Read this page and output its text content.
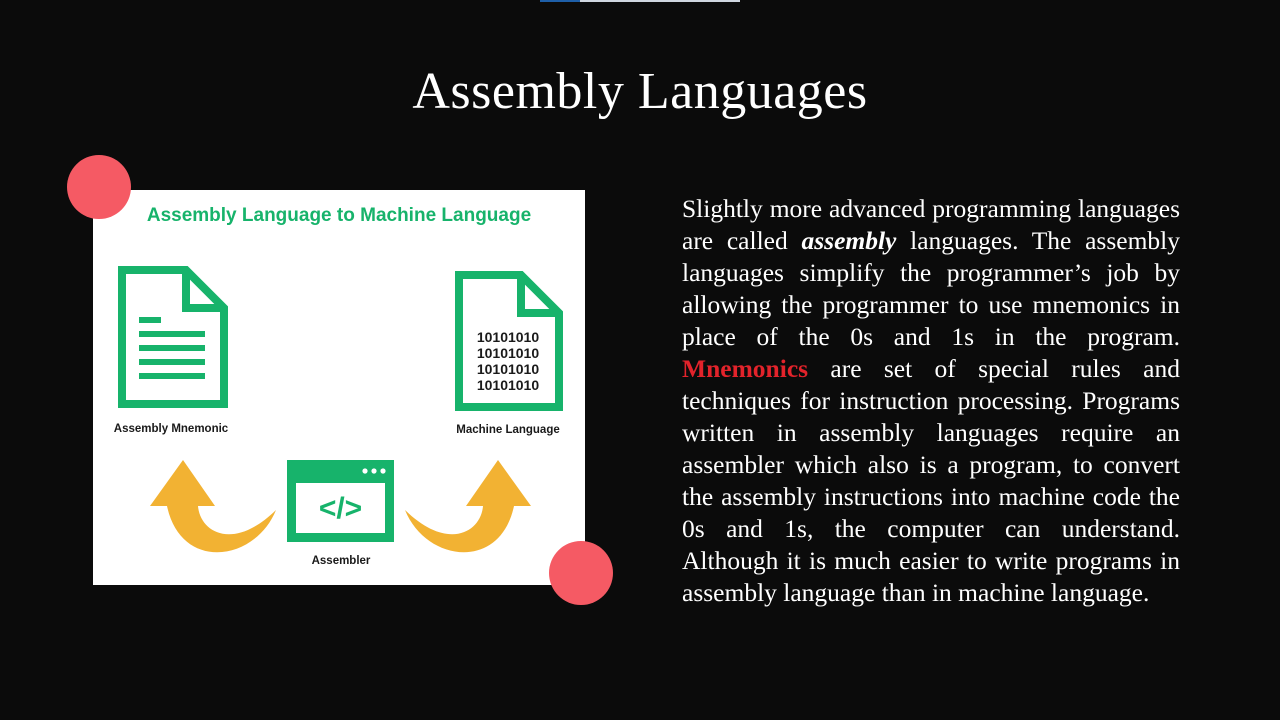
Assembly Languages
Assembly Language to Machine Language
Assembly Mnemonic
10101010
10101010
10101010
10101010
Machine Language
</>
Assembler

Slightly more advanced programming languages are called assembly languages. The assembly languages simplify the programmer’s job by allowing the programmer to use mnemonics in place of the 0s and 1s in the program. Mnemonics are set of special rules and techniques for instruction processing. Programs written in assembly languages require an assembler which also is a program, to convert the assembly instructions into machine code the 0s and 1s, the computer can understand. Although it is much easier to write programs in assembly language than in machine language.
